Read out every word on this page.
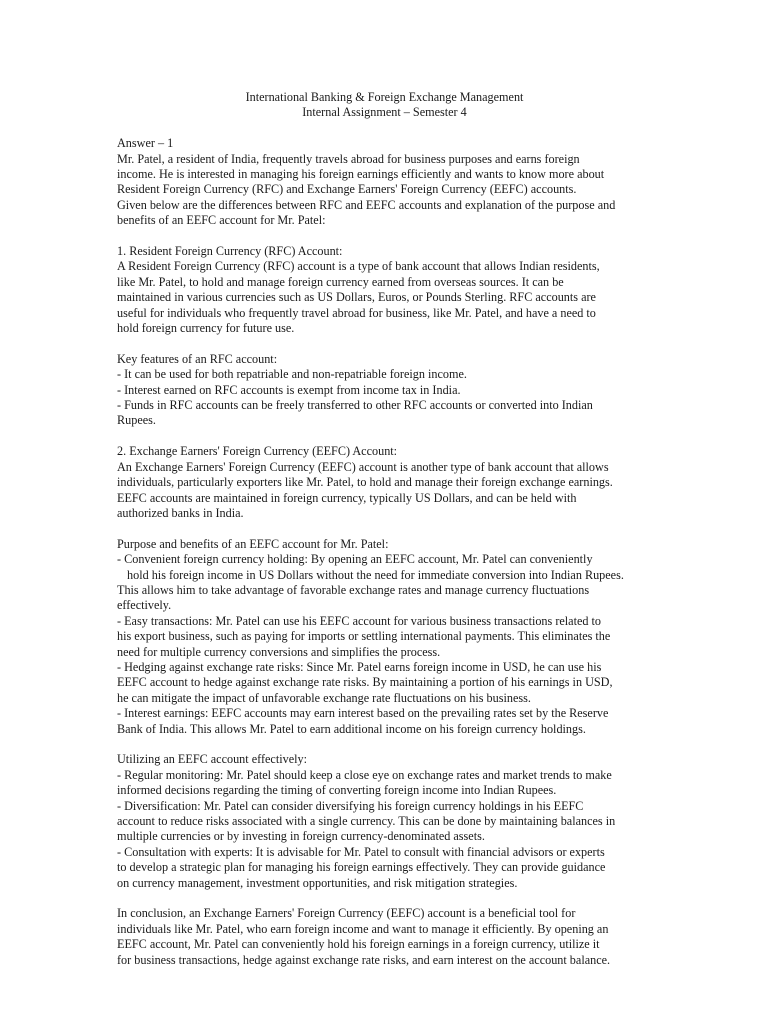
International Banking & Foreign Exchange Management
Internal Assignment – Semester 4
Answer – 1
Mr. Patel, a resident of India, frequently travels abroad for business purposes and earns foreign
income. He is interested in managing his foreign earnings efficiently and wants to know more about
Resident Foreign Currency (RFC) and Exchange Earners' Foreign Currency (EEFC) accounts.
Given below are the differences between RFC and EEFC accounts and explanation of the purpose and
benefits of an EEFC account for Mr. Patel:
1. Resident Foreign Currency (RFC) Account:
A Resident Foreign Currency (RFC) account is a type of bank account that allows Indian residents,
like Mr. Patel, to hold and manage foreign currency earned from overseas sources. It can be
maintained in various currencies such as US Dollars, Euros, or Pounds Sterling. RFC accounts are
useful for individuals who frequently travel abroad for business, like Mr. Patel, and have a need to
hold foreign currency for future use.
Key features of an RFC account:
- It can be used for both repatriable and non-repatriable foreign income.
- Interest earned on RFC accounts is exempt from income tax in India.
- Funds in RFC accounts can be freely transferred to other RFC accounts or converted into Indian
Rupees.
2. Exchange Earners' Foreign Currency (EEFC) Account:
An Exchange Earners' Foreign Currency (EEFC) account is another type of bank account that allows
individuals, particularly exporters like Mr. Patel, to hold and manage their foreign exchange earnings.
EEFC accounts are maintained in foreign currency, typically US Dollars, and can be held with
authorized banks in India.
Purpose and benefits of an EEFC account for Mr. Patel:
- Convenient foreign currency holding: By opening an EEFC account, Mr. Patel can conveniently
hold his foreign income in US Dollars without the need for immediate conversion into Indian Rupees.
This allows him to take advantage of favorable exchange rates and manage currency fluctuations
effectively.
- Easy transactions: Mr. Patel can use his EEFC account for various business transactions related to
his export business, such as paying for imports or settling international payments. This eliminates the
need for multiple currency conversions and simplifies the process.
- Hedging against exchange rate risks: Since Mr. Patel earns foreign income in USD, he can use his
EEFC account to hedge against exchange rate risks. By maintaining a portion of his earnings in USD,
he can mitigate the impact of unfavorable exchange rate fluctuations on his business.
- Interest earnings: EEFC accounts may earn interest based on the prevailing rates set by the Reserve
Bank of India. This allows Mr. Patel to earn additional income on his foreign currency holdings.
Utilizing an EEFC account effectively:
- Regular monitoring: Mr. Patel should keep a close eye on exchange rates and market trends to make
informed decisions regarding the timing of converting foreign income into Indian Rupees.
- Diversification: Mr. Patel can consider diversifying his foreign currency holdings in his EEFC
account to reduce risks associated with a single currency. This can be done by maintaining balances in
multiple currencies or by investing in foreign currency-denominated assets.
- Consultation with experts: It is advisable for Mr. Patel to consult with financial advisors or experts
to develop a strategic plan for managing his foreign earnings effectively. They can provide guidance
on currency management, investment opportunities, and risk mitigation strategies.
In conclusion, an Exchange Earners' Foreign Currency (EEFC) account is a beneficial tool for
individuals like Mr. Patel, who earn foreign income and want to manage it efficiently. By opening an
EEFC account, Mr. Patel can conveniently hold his foreign earnings in a foreign currency, utilize it
for business transactions, hedge against exchange rate risks, and earn interest on the account balance.
